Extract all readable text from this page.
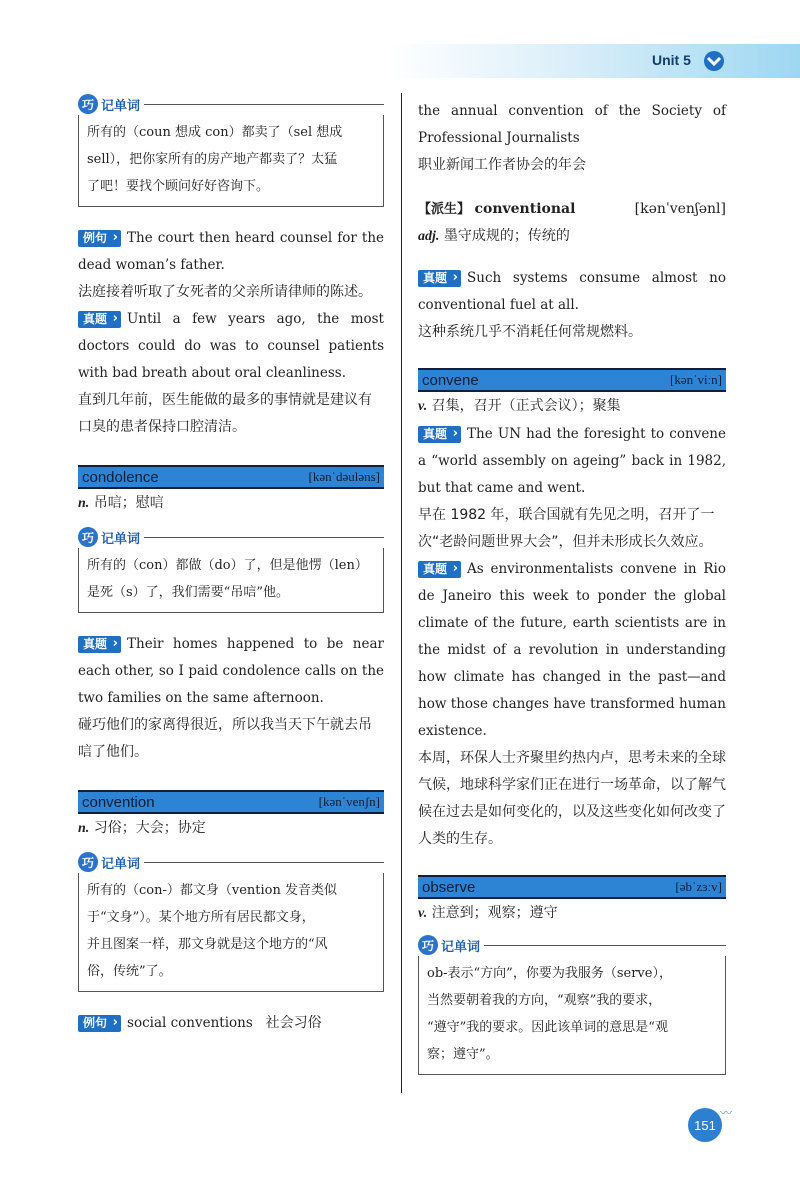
Unit 5
巧 记单词
所有的（coun 想成 con）都卖了（sel 想成
sell），把你家所有的房产地产都卖了？太猛
了吧！要找个顾问好好咨询下。
例句 › The court then heard counsel for the dead woman’s father.
法庭接着听取了女死者的父亲所请律师的陈述。
真题 › Until a few years ago, the most doctors could do was to counsel patients with bad breath about oral cleanliness.
直到几年前，医生能做的最多的事情就是建议有口臭的患者保持口腔清洁。
condolence	[kənˈdəuləns]
n. 吊唁；慰唁
巧 记单词
所有的（con）都做（do）了，但是他愣（len）
是死（s）了，我们需要“吊唁”他。
真题 › Their homes happened to be near each other, so I paid condolence calls on the two families on the same afternoon.
碰巧他们的家离得很近，所以我当天下午就去吊唁了他们。
convention	[kənˈvenʃn]
n. 习俗；大会；协定
巧 记单词
所有的（con-）都文身（vention 发音类似
于“文身”）。某个地方所有居民都文身，
并且图案一样，那文身就是这个地方的“风
俗，传统”了。
例句 › social conventions 社会习俗
the annual convention of the Society of Professional Journalists
职业新闻工作者协会的年会
【派生】 conventional	[kənˈvenʃənl]
adj. 墨守成规的；传统的
真题 › Such systems consume almost no conventional fuel at all.
这种系统几乎不消耗任何常规燃料。
convene	[kənˈviːn]
v. 召集，召开（正式会议）；聚集
真题 › The UN had the foresight to convene a “world assembly on ageing” back in 1982, but that came and went.
早在 1982 年，联合国就有先见之明，召开了一次“老龄问题世界大会”，但并未形成长久效应。
真题 › As environmentalists convene in Rio de Janeiro this week to ponder the global climate of the future, earth scientists are in the midst of a revolution in understanding how climate has changed in the past—and how those changes have transformed human existence.
本周，环保人士齐聚里约热内卢，思考未来的全球气候，地球科学家们正在进行一场革命，以了解气候在过去是如何变化的，以及这些变化如何改变了人类的生存。
observe	[əbˈzɜːv]
v. 注意到；观察；遵守
巧 记单词
ob-表示“方向”，你要为我服务（serve），
当然要朝着我的方向，“观察”我的要求，
“遵守”我的要求。因此该单词的意思是“观
察；遵守”。
151
〰
